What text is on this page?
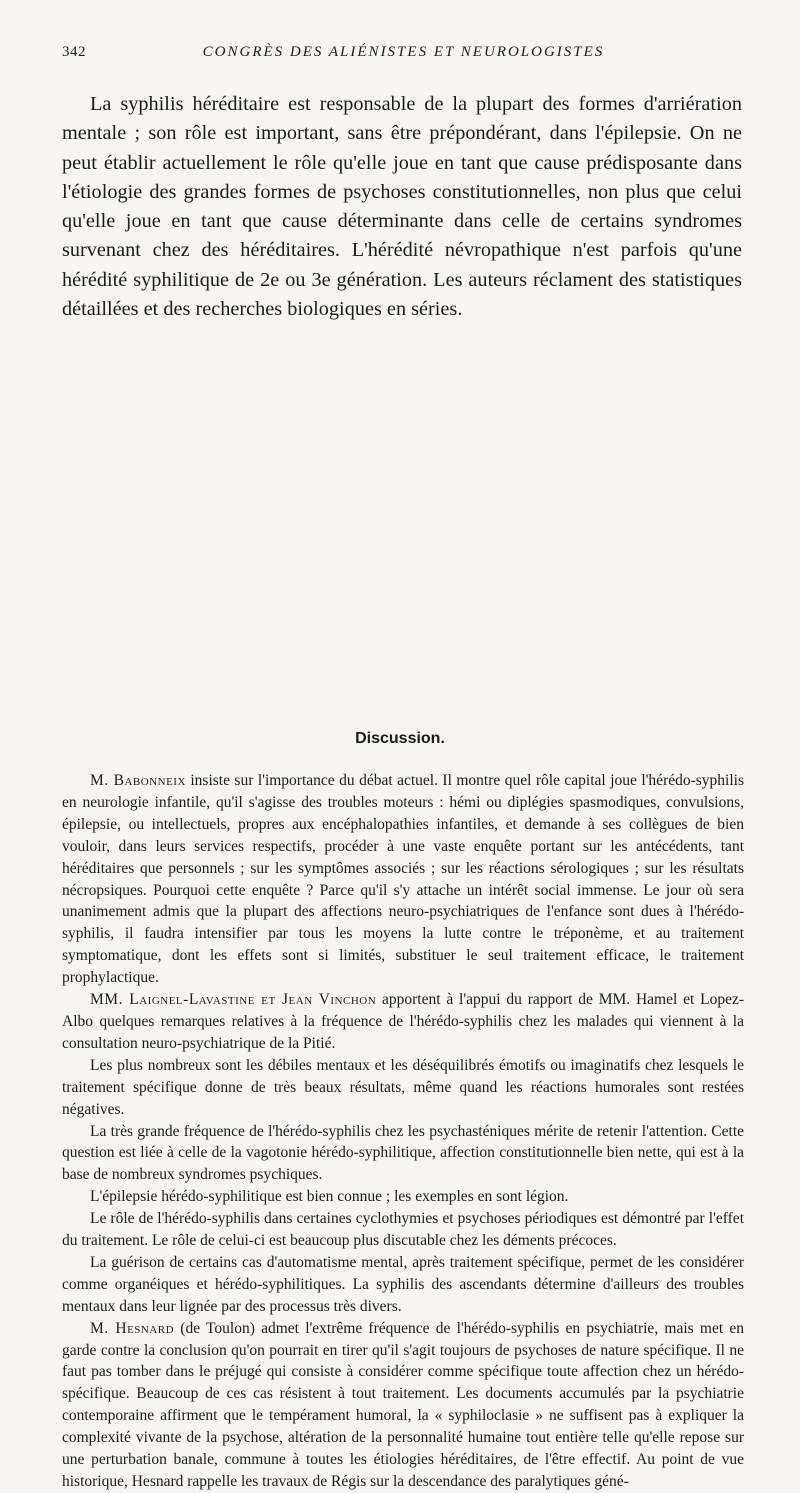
342	CONGRÈS DES ALIÉNISTES ET NEUROLOGISTES

La syphilis héréditaire est responsable de la plupart des formes d'arriération mentale ; son rôle est important, sans être prépondérant, dans l'épilepsie. On ne peut établir actuellement le rôle qu'elle joue en tant que cause prédisposante dans l'étiologie des grandes formes de psychoses constitutionnelles, non plus que celui qu'elle joue en tant que cause déterminante dans celle de certains syndromes survenant chez des héréditaires. L'hérédité névropathique n'est parfois qu'une hérédité syphilitique de 2e ou 3e génération. Les auteurs réclament des statistiques détaillées et des recherches biologiques en séries.

Discussion.

M. Babonneix insiste sur l'importance du débat actuel. Il montre quel rôle capital joue l'hérédo-syphilis en neurologie infantile, qu'il s'agisse des troubles moteurs : hémi ou diplégies spasmodiques, convulsions, épilepsie, ou intellectuels, propres aux encéphalopathies infantiles, et demande à ses collègues de bien vouloir, dans leurs services respectifs, procéder à une vaste enquête portant sur les antécédents, tant héréditaires que personnels ; sur les symptômes associés ; sur les réactions sérologiques ; sur les résultats nécropsiques. Pourquoi cette enquête ? Parce qu'il s'y attache un intérêt social immense. Le jour où sera unanimement admis que la plupart des affections neuro-psychiatriques de l'enfance sont dues à l'hérédo-syphilis, il faudra intensifier par tous les moyens la lutte contre le tréponème, et au traitement symptomatique, dont les effets sont si limités, substituer le seul traitement efficace, le traitement prophylactique.

MM. Laignel-Lavastine et Jean Vinchon apportent à l'appui du rapport de MM. Hamel et Lopez-Albo quelques remarques relatives à la fréquence de l'hérédo-syphilis chez les malades qui viennent à la consultation neuro-psychiatrique de la Pitié.

Les plus nombreux sont les débiles mentaux et les déséquilibrés émotifs ou imaginatifs chez lesquels le traitement spécifique donne de très beaux résultats, même quand les réactions humorales sont restées négatives.

La très grande fréquence de l'hérédo-syphilis chez les psychasténiques mérite de retenir l'attention. Cette question est liée à celle de la vagotonie hérédo-syphilitique, affection constitutionnelle bien nette, qui est à la base de nombreux syndromes psychiques.

L'épilepsie hérédo-syphilitique est bien connue ; les exemples en sont légion.

Le rôle de l'hérédo-syphilis dans certaines cyclothymies et psychoses périodiques est démontré par l'effet du traitement. Le rôle de celui-ci est beaucoup plus discutable chez les déments précoces.

La guérison de certains cas d'automatisme mental, après traitement spécifique, permet de les considérer comme organéiques et hérédo-syphilitiques. La syphilis des ascendants détermine d'ailleurs des troubles mentaux dans leur lignée par des processus très divers.

M. Hesnard (de Toulon) admet l'extrême fréquence de l'hérédo-syphilis en psychiatrie, mais met en garde contre la conclusion qu'on pourrait en tirer qu'il s'agit toujours de psychoses de nature spécifique. Il ne faut pas tomber dans le préjugé qui consiste à considérer comme spécifique toute affection chez un hérédo-spécifique. Beaucoup de ces cas résistent à tout traitement. Les documents accumulés par la psychiatrie contemporaine affirment que le tempérament humoral, la « syphiloclasie » ne suffisent pas à expliquer la complexité vivante de la psychose, altération de la personnalité humaine tout entière telle qu'elle repose sur une perturbation banale, commune à toutes les étiologies héréditaires, de l'être effectif. Au point de vue historique, Hesnard rappelle les travaux de Régis sur la descendance des paralytiques géné-
